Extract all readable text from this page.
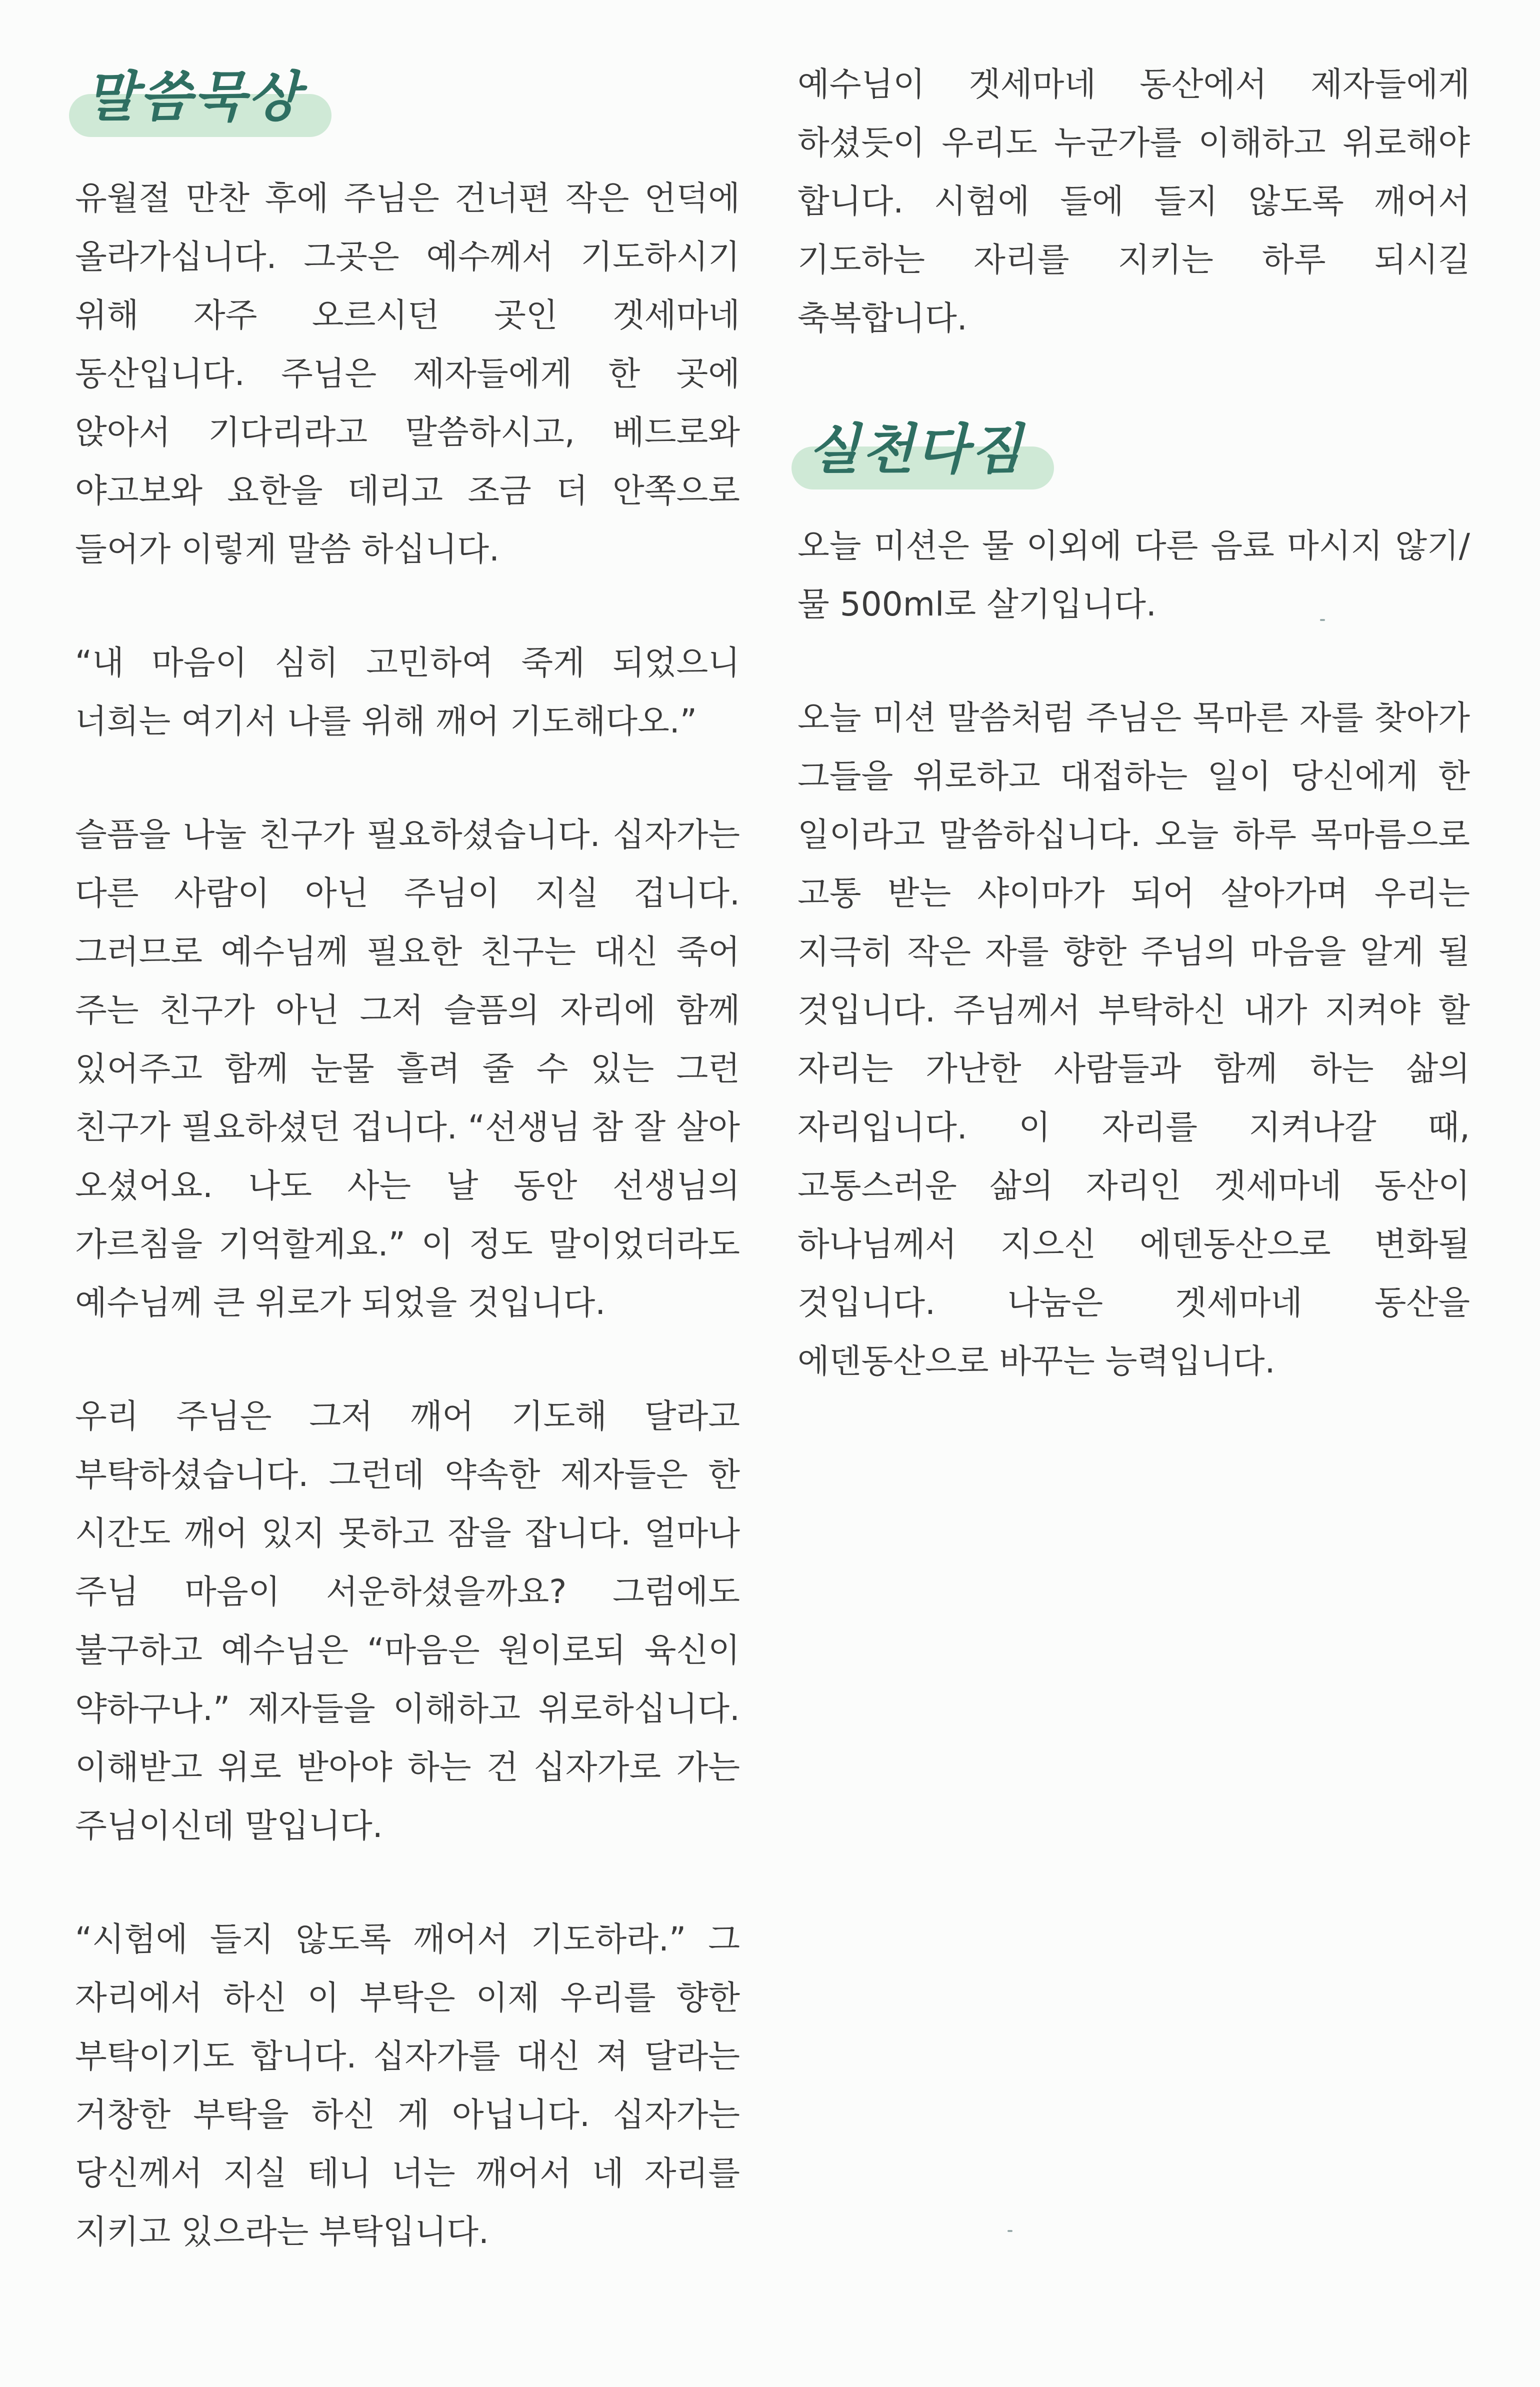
말씀묵상

유월절 만찬 후에 주님은 건너편 작은 언덕에 올라가십니다. 그곳은 예수께서 기도하시기 위해 자주 오르시던 곳인 겟세마네 동산입니다. 주님은 제자들에게 한 곳에 앉아서 기다리라고 말씀하시고, 베드로와 야고보와 요한을 데리고 조금 더 안쪽으로 들어가 이렇게 말씀 하십니다.

“내 마음이 심히 고민하여 죽게 되었으니 너희는 여기서 나를 위해 깨어 기도해다오.”

슬픔을 나눌 친구가 필요하셨습니다. 십자가는 다른 사람이 아닌 주님이 지실 겁니다. 그러므로 예수님께 필요한 친구는 대신 죽어 주는 친구가 아닌 그저 슬픔의 자리에 함께 있어주고 함께 눈물 흘려 줄 수 있는 그런 친구가 필요하셨던 겁니다. “선생님 참 잘 살아 오셨어요. 나도 사는 날 동안 선생님의 가르침을 기억할게요.” 이 정도 말이었더라도 예수님께 큰 위로가 되었을 것입니다.

우리 주님은 그저 깨어 기도해 달라고 부탁하셨습니다. 그런데 약속한 제자들은 한 시간도 깨어 있지 못하고 잠을 잡니다. 얼마나 주님 마음이 서운하셨을까요? 그럼에도 불구하고 예수님은 “마음은 원이로되 육신이 약하구나.” 제자들을 이해하고 위로하십니다. 이해받고 위로 받아야 하는 건 십자가로 가는 주님이신데 말입니다.

“시험에 들지 않도록 깨어서 기도하라.” 그 자리에서 하신 이 부탁은 이제 우리를 향한 부탁이기도 합니다. 십자가를 대신 져 달라는 거창한 부탁을 하신 게 아닙니다. 십자가는 당신께서 지실 테니 너는 깨어서 네 자리를 지키고 있으라는 부탁입니다.

예수님이 겟세마네 동산에서 제자들에게 하셨듯이 우리도 누군가를 이해하고 위로해야 합니다. 시험에 들에 들지 않도록 깨어서 기도하는 자리를 지키는 하루 되시길 축복합니다.

실천다짐

오늘 미션은 물 이외에 다른 음료 마시지 않기/물 500ml로 살기입니다.

오늘 미션 말씀처럼 주님은 목마른 자를 찾아가 그들을 위로하고 대접하는 일이 당신에게 한 일이라고 말씀하십니다. 오늘 하루 목마름으로 고통 받는 샤이마가 되어 살아가며 우리는 지극히 작은 자를 향한 주님의 마음을 알게 될 것입니다. 주님께서 부탁하신 내가 지켜야 할 자리는 가난한 사람들과 함께 하는 삶의 자리입니다. 이 자리를 지켜나갈 때, 고통스러운 삶의 자리인 겟세마네 동산이 하나님께서 지으신 에덴동산으로 변화될 것입니다. 나눔은 겟세마네 동산을 에덴동산으로 바꾸는 능력입니다.
